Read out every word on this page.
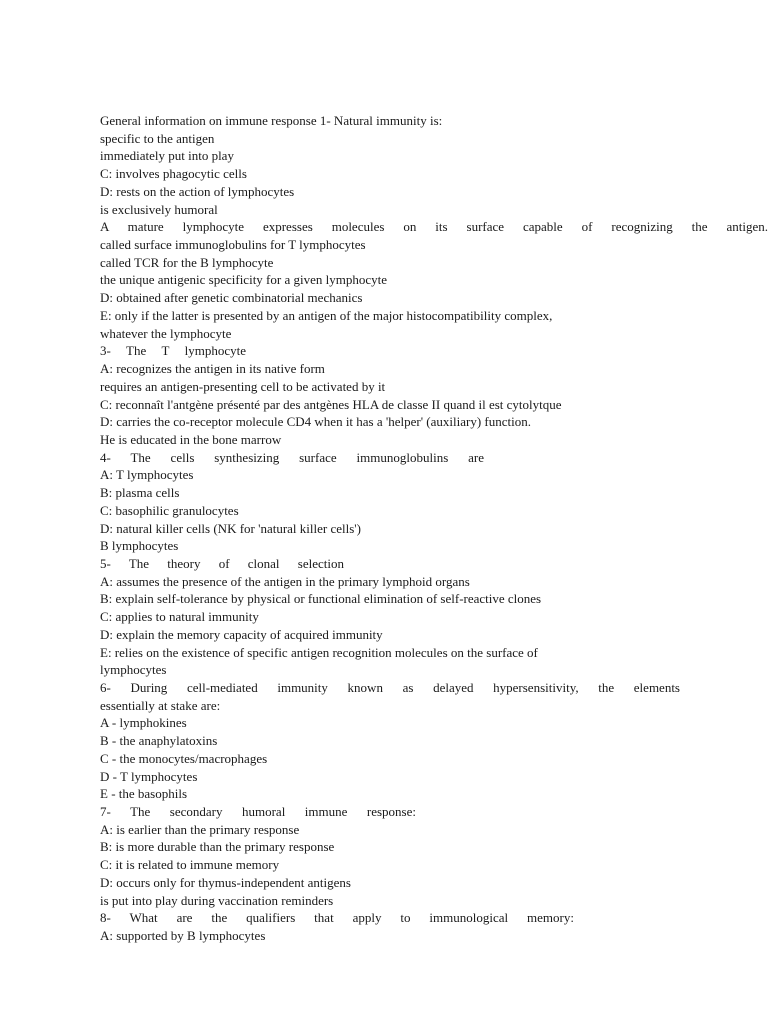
General information on immune response 1- Natural immunity is:
specific to the antigen
immediately put into play
C: involves phagocytic cells
D: rests on the action of lymphocytes
is exclusively humoral
A mature lymphocyte expresses molecules on its surface capable of recognizing the antigen.
called surface immunoglobulins for T lymphocytes
called TCR for the B lymphocyte
the unique antigenic specificity for a given lymphocyte
D: obtained after genetic combinatorial mechanics
E: only if the latter is presented by an antigen of the major histocompatibility complex,
whatever the lymphocyte
3- The T lymphocyte
A: recognizes the antigen in its native form
requires an antigen-presenting cell to be activated by it
C: reconnaît l'antgène présenté par des antgènes HLA de classe II quand il est cytolytque
D: carries the co-receptor molecule CD4 when it has a 'helper' (auxiliary) function.
He is educated in the bone marrow
4- The cells synthesizing surface immunoglobulins are
A: T lymphocytes
B: plasma cells
C: basophilic granulocytes
D: natural killer cells (NK for 'natural killer cells')
B lymphocytes
5- The theory of clonal selection
A: assumes the presence of the antigen in the primary lymphoid organs
B: explain self-tolerance by physical or functional elimination of self-reactive clones
C: applies to natural immunity
D: explain the memory capacity of acquired immunity
E: relies on the existence of specific antigen recognition molecules on the surface of
lymphocytes
6- During cell-mediated immunity known as delayed hypersensitivity, the elements
essentially at stake are:
A - lymphokines
B - the anaphylatoxins
C - the monocytes/macrophages
D - T lymphocytes
E - the basophils
7- The secondary humoral immune response:
A: is earlier than the primary response
B: is more durable than the primary response
C: it is related to immune memory
D: occurs only for thymus-independent antigens
is put into play during vaccination reminders
8- What are the qualifiers that apply to immunological memory:
A: supported by B lymphocytes
